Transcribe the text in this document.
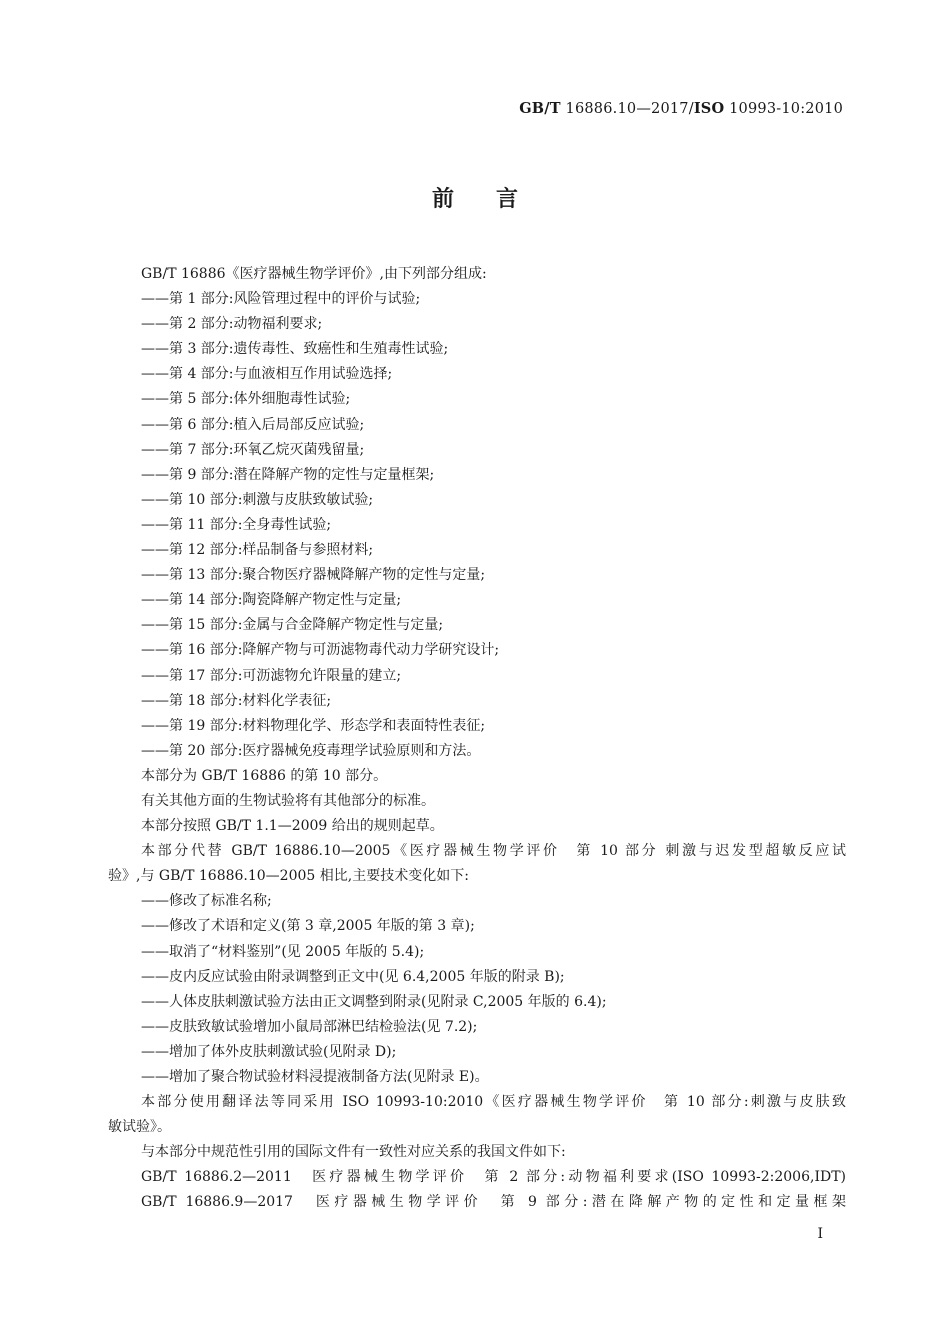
GB/T 16886.10—2017/ISO 10993-10:2010
前言
GB/T 16886《医疗器械生物学评价》,由下列部分组成:
——第 1 部分:风险管理过程中的评价与试验;
——第 2 部分:动物福利要求;
——第 3 部分:遗传毒性、致癌性和生殖毒性试验;
——第 4 部分:与血液相互作用试验选择;
——第 5 部分:体外细胞毒性试验;
——第 6 部分:植入后局部反应试验;
——第 7 部分:环氧乙烷灭菌残留量;
——第 9 部分:潜在降解产物的定性与定量框架;
——第 10 部分:刺激与皮肤致敏试验;
——第 11 部分:全身毒性试验;
——第 12 部分:样品制备与参照材料;
——第 13 部分:聚合物医疗器械降解产物的定性与定量;
——第 14 部分:陶瓷降解产物定性与定量;
——第 15 部分:金属与合金降解产物定性与定量;
——第 16 部分:降解产物与可沥滤物毒代动力学研究设计;
——第 17 部分:可沥滤物允许限量的建立;
——第 18 部分:材料化学表征;
——第 19 部分:材料物理化学、形态学和表面特性表征;
——第 20 部分:医疗器械免疫毒理学试验原则和方法。
本部分为 GB/T 16886 的第 10 部分。
有关其他方面的生物试验将有其他部分的标准。
本部分按照 GB/T 1.1—2009 给出的规则起草。
本部分代替 GB/T 16886.10—2005《医疗器械生物学评价　第 10 部分 刺激与迟发型超敏反应试
验》,与 GB/T 16886.10—2005 相比,主要技术变化如下:
——修改了标准名称;
——修改了术语和定义(第 3 章,2005 年版的第 3 章);
——取消了“材料鉴别”(见 2005 年版的 5.4);
——皮内反应试验由附录调整到正文中(见 6.4,2005 年版的附录 B);
——人体皮肤刺激试验方法由正文调整到附录(见附录 C,2005 年版的 6.4);
——皮肤致敏试验增加小鼠局部淋巴结检验法(见 7.2);
——增加了体外皮肤刺激试验(见附录 D);
——增加了聚合物试验材料浸提液制备方法(见附录 E)。
本部分使用翻译法等同采用 ISO 10993-10:2010《医疗器械生物学评价　第 10 部分:刺激与皮肤致
敏试验》。
与本部分中规范性引用的国际文件有一致性对应关系的我国文件如下:
GB/T 16886.2—2011　医疗器械生物学评价　第 2 部分:动物福利要求(ISO 10993-2:2006,IDT)
GB/T 16886.9—2017　医疗器械生物学评价　第 9 部分:潜在降解产物的定性和定量框架
I
